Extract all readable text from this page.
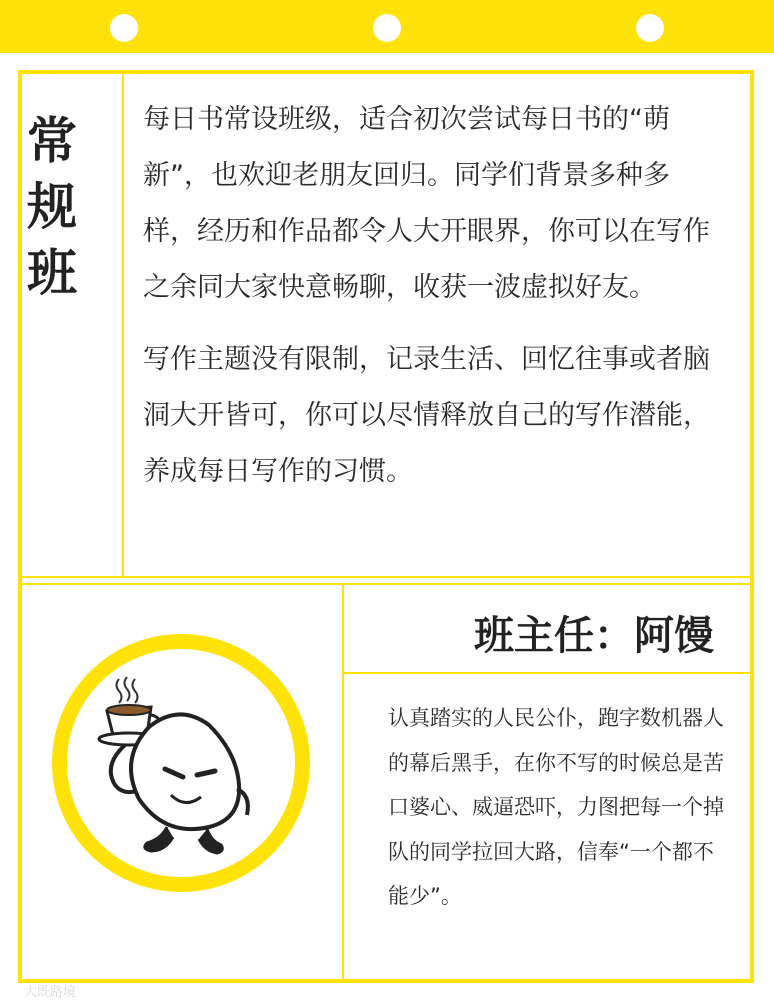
常
规
班

每日书常设班级，适合初次尝试每日书的“萌新”，也欢迎老朋友回归。同学们背景多种多样，经历和作品都令人大开眼界，你可以在写作之余同大家快意畅聊，收获一波虚拟好友。

写作主题没有限制，记录生活、回忆往事或者脑洞大开皆可，你可以尽情释放自己的写作潜能，养成每日写作的习惯。

班主任：阿馒

认真踏实的人民公仆，跑字数机器人的幕后黑手，在你不写的时候总是苦口婆心、威逼恐吓，力图把每一个掉队的同学拉回大路，信奉“一个都不能少”。

大既路境
